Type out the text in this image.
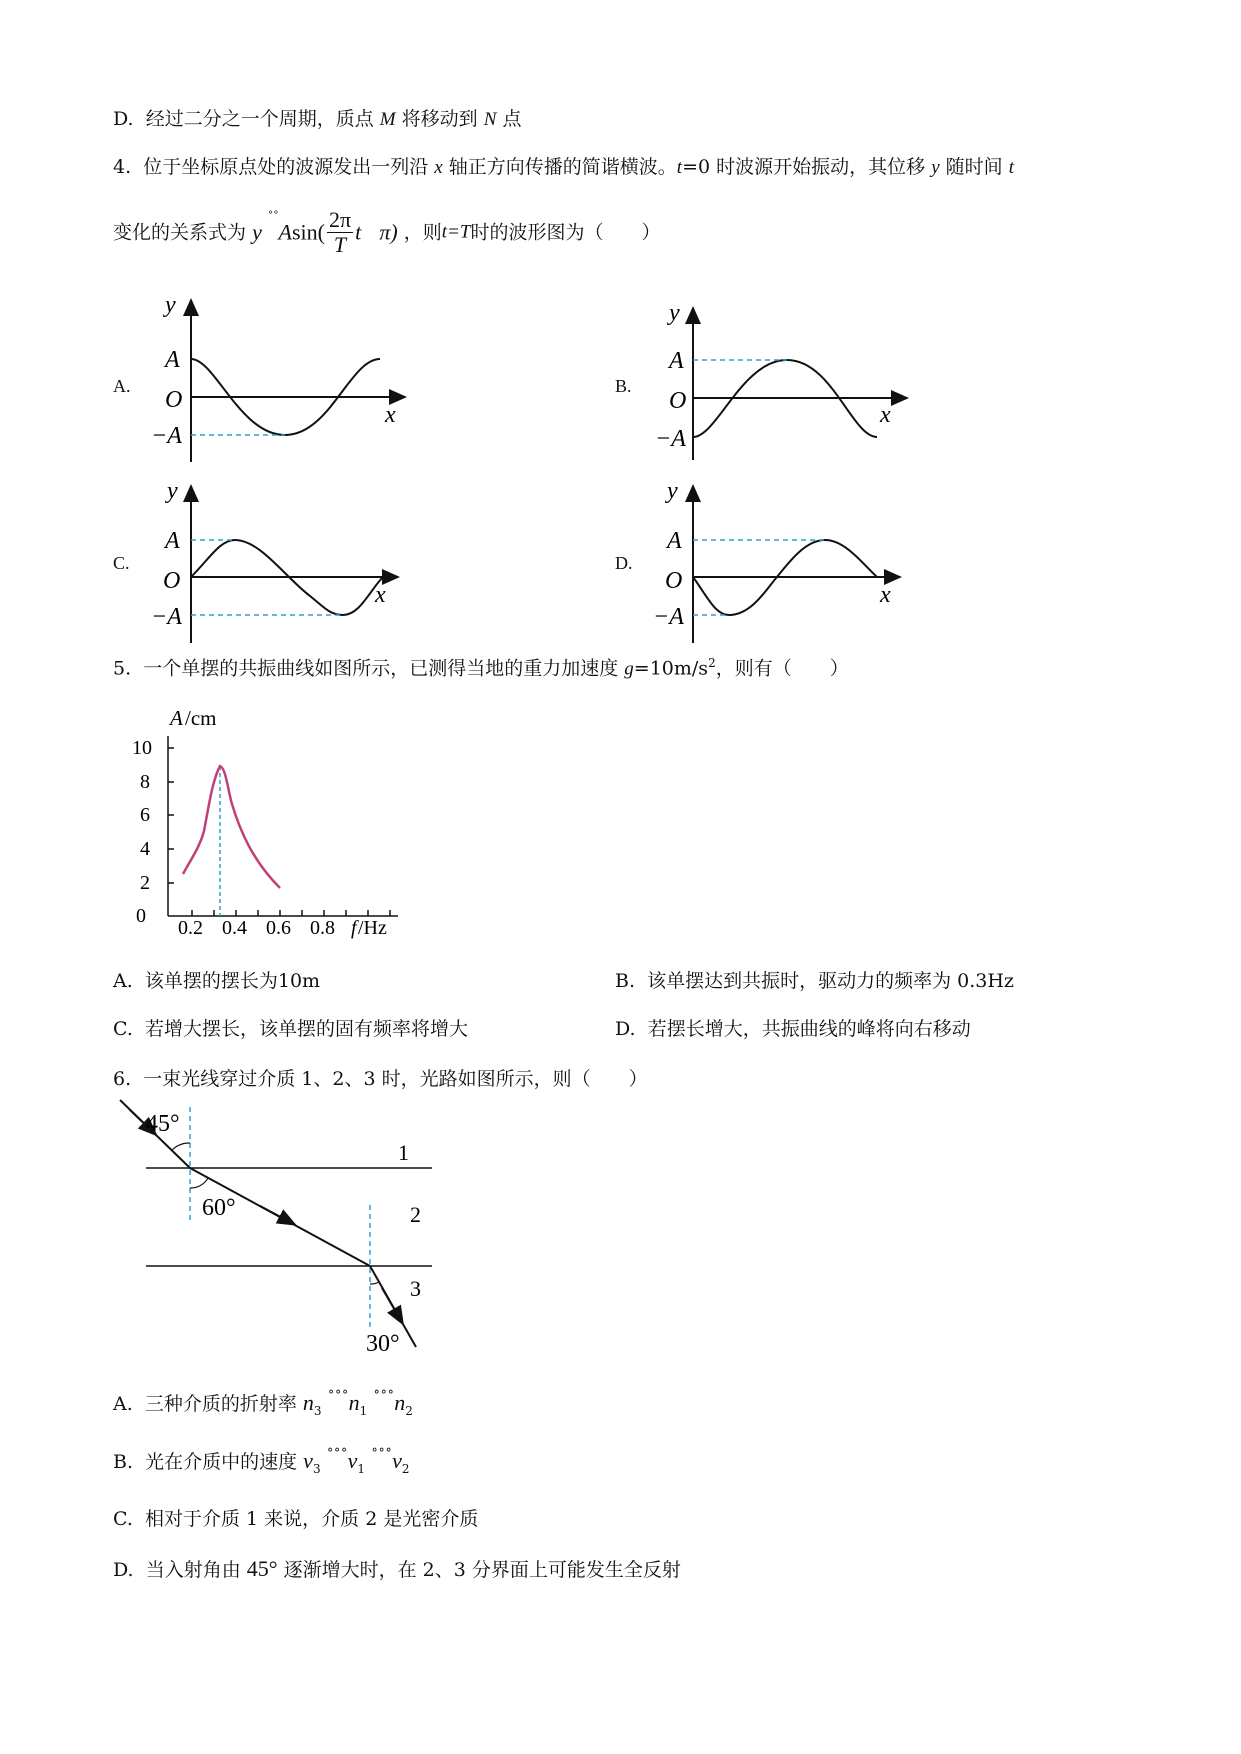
D. 经过二分之一个周期，质点 M 将移动到 N 点
4. 位于坐标原点处的波源发出一列沿 x 轴正方向传播的简谐横波。t=0 时波源开始振动，其位移 y 随时间 t
变化的关系式为 y $^{˚˚}Asin( \frac{2\pi}{T}$ t π) ，则t=T时的波形图为（　　）
A.	B.
C.	D.
y
x
A
O
−A
y
x
A
O
−A
y
x
A
O
−A
y
x
A
O
−A
5. 一个单摆的共振曲线如图所示，已测得当地的重力加速度 $g=10m/s^2$，则有（　　）
A /cm
10
8
6
4
2
0
0.2 0.4 0.6 0.8 f /Hz
A. 该单摆的摆长为10m	B. 该单摆达到共振时，驱动力的频率为 0.3Hz
C. 若增大摆长，该单摆的固有频率将增大	D. 若摆长增大，共振曲线的峰将向右移动
6. 一束光线穿过介质 1、2、3 时，光路如图所示，则（　　）
45°
60°
30°
1
2
3
A. 三种介质的折射率 $n_3$ $^{˚˚˚}n_1$ $^{˚˚˚}n_2$
B. 光在介质中的速度 $v_3$ $^{˚˚˚}v_1$ $^{˚˚˚}v_2$
C. 相对于介质 1 来说，介质 2 是光密介质
D. 当入射角由 45° 逐渐增大时，在 2、3 分界面上可能发生全反射
